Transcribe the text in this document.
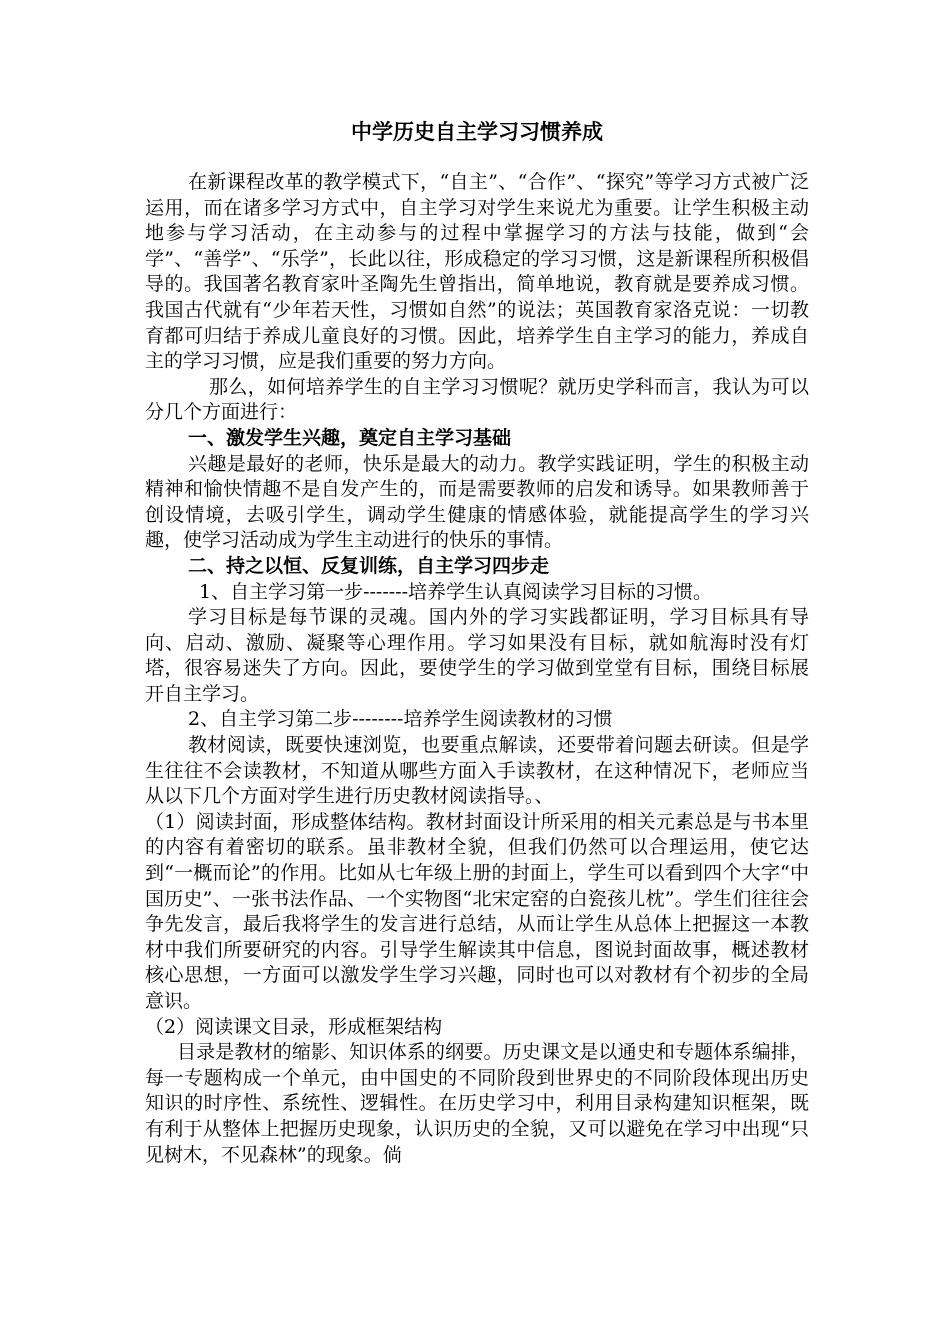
中学历史自主学习习惯养成

在新课程改革的教学模式下，“自主”、“合作”、“探究”等学习方式被广泛运用，而在诸多学习方式中，自主学习对学生来说尤为重要。让学生积极主动地参与学习活动，在主动参与的过程中掌握学习的方法与技能，做到“会学”、“善学”、“乐学”，长此以往，形成稳定的学习习惯，这是新课程所积极倡导的。我国著名教育家叶圣陶先生曾指出，简单地说，教育就是要养成习惯。我国古代就有“少年若天性，习惯如自然”的说法；英国教育家洛克说：一切教育都可归结于养成儿童良好的习惯。因此，培养学生自主学习的能力，养成自主的学习习惯，应是我们重要的努力方向。

那么，如何培养学生的自主学习习惯呢？就历史学科而言，我认为可以分几个方面进行：

一、激发学生兴趣，奠定自主学习基础

兴趣是最好的老师，快乐是最大的动力。教学实践证明，学生的积极主动精神和愉快情趣不是自发产生的，而是需要教师的启发和诱导。如果教师善于创设情境，去吸引学生，调动学生健康的情感体验，就能提高学生的学习兴趣，使学习活动成为学生主动进行的快乐的事情。

二、持之以恒、反复训练，自主学习四步走

1、自主学习第一步-------培养学生认真阅读学习目标的习惯。

学习目标是每节课的灵魂。国内外的学习实践都证明，学习目标具有导向、启动、激励、凝聚等心理作用。学习如果没有目标，就如航海时没有灯塔，很容易迷失了方向。因此，要使学生的学习做到堂堂有目标，围绕目标展开自主学习。

2、自主学习第二步--------培养学生阅读教材的习惯

教材阅读，既要快速浏览，也要重点解读，还要带着问题去研读。但是学生往往不会读教材，不知道从哪些方面入手读教材，在这种情况下，老师应当从以下几个方面对学生进行历史教材阅读指导。、

（1）阅读封面，形成整体结构。教材封面设计所采用的相关元素总是与书本里的内容有着密切的联系。虽非教材全貌，但我们仍然可以合理运用，使它达到“一概而论”的作用。比如从七年级上册的封面上，学生可以看到四个大字“中国历史”、一张书法作品、一个实物图“北宋定窑的白瓷孩儿枕”。学生们往往会争先发言，最后我将学生的发言进行总结，从而让学生从总体上把握这一本教材中我们所要研究的内容。引导学生解读其中信息，图说封面故事，概述教材核心思想，一方面可以激发学生学习兴趣，同时也可以对教材有个初步的全局意识。

（2）阅读课文目录，形成框架结构

目录是教材的缩影、知识体系的纲要。历史课文是以通史和专题体系编排，每一专题构成一个单元，由中国史的不同阶段到世界史的不同阶段体现出历史知识的时序性、系统性、逻辑性。在历史学习中，利用目录构建知识框架，既有利于从整体上把握历史现象，认识历史的全貌，又可以避免在学习中出现“只见树木，不见森林”的现象。倘
